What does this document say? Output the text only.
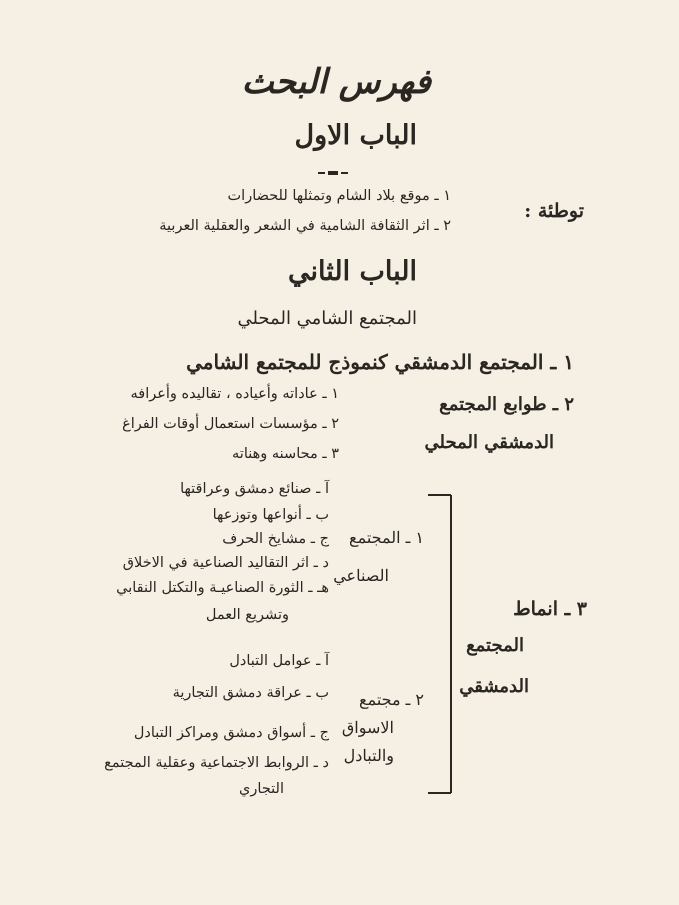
فهرس البحث
الباب الاول
توطئة :
١ ـ موقع بلاد الشام وتمثلها للحضارات
٢ ـ اثر الثقافة الشامية في الشعر والعقلية العربية
الباب الثاني
المجتمع الشامي المحلي
١ ـ المجتمع الدمشقي كنموذج للمجتمع الشامي
٢ ـ طوابع المجتمع
الدمشقي المحلي
١ ـ عاداته وأعياده ، تقاليده وأعرافه
٢ ـ مؤسسات استعمال أوقات الفراغ
٣ ـ محاسنه وهناته
٣ ـ انماط
المجتمع
الدمشقي
١ ـ المجتمع
الصناعي
آ ـ صنائع دمشق وعراقتها
ب ـ أنواعها وتوزعها
ج ـ مشايخ الحرف
د ـ اثر التقاليد الصناعية في الاخلاق
هـ ـ الثورة الصناعيـة والتكتل النقابي
وتشريع العمل
٢ ـ مجتمع
الاسواق
والتبادل
آ ـ عوامل التبادل
ب ـ عراقة دمشق التجارية
ج ـ أسواق دمشق ومراكز التبادل
د ـ الروابط الاجتماعية وعقلية المجتمع
التجاري
